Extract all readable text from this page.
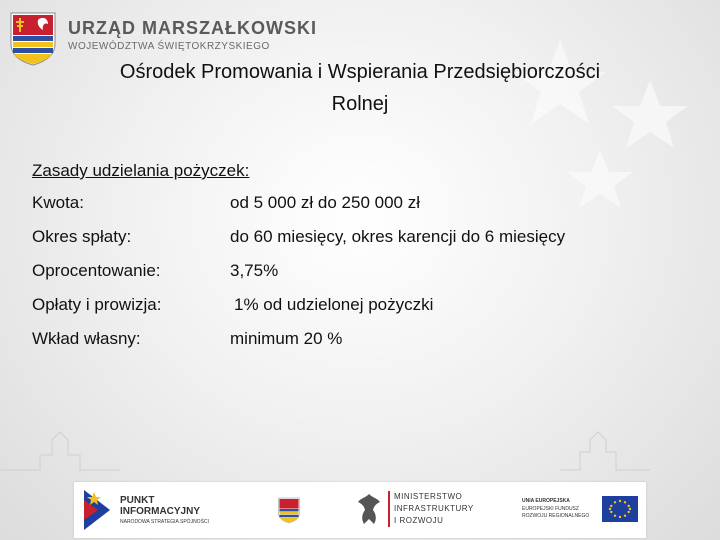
URZĄD MARSZAŁKOWSKI
WOJEWÓDZTWA ŚWIĘTOKRZYSKIEGO
Ośrodek Promowania i Wspierania Przedsiębiorczości
Rolnej
Zasady udzielania pożyczek:
Kwota:	od 5 000 zł do 250 000 zł
Okres spłaty:	do 60 miesięcy, okres karencji do 6 miesięcy
Oprocentowanie:	3,75%
Opłaty i prowizja:	1% od udzielonej pożyczki
Wkład własny:	minimum 20 %
PUNKT
INFORMACYJNY
NARODOWA STRATEGIA SPÓJNOŚCI
MINISTERSTWO
INFRASTRUKTURY
I ROZWOJU
UNIA EUROPEJSKA
EUROPEJSKI FUNDUSZ
ROZWOJU REGIONALNEGO
